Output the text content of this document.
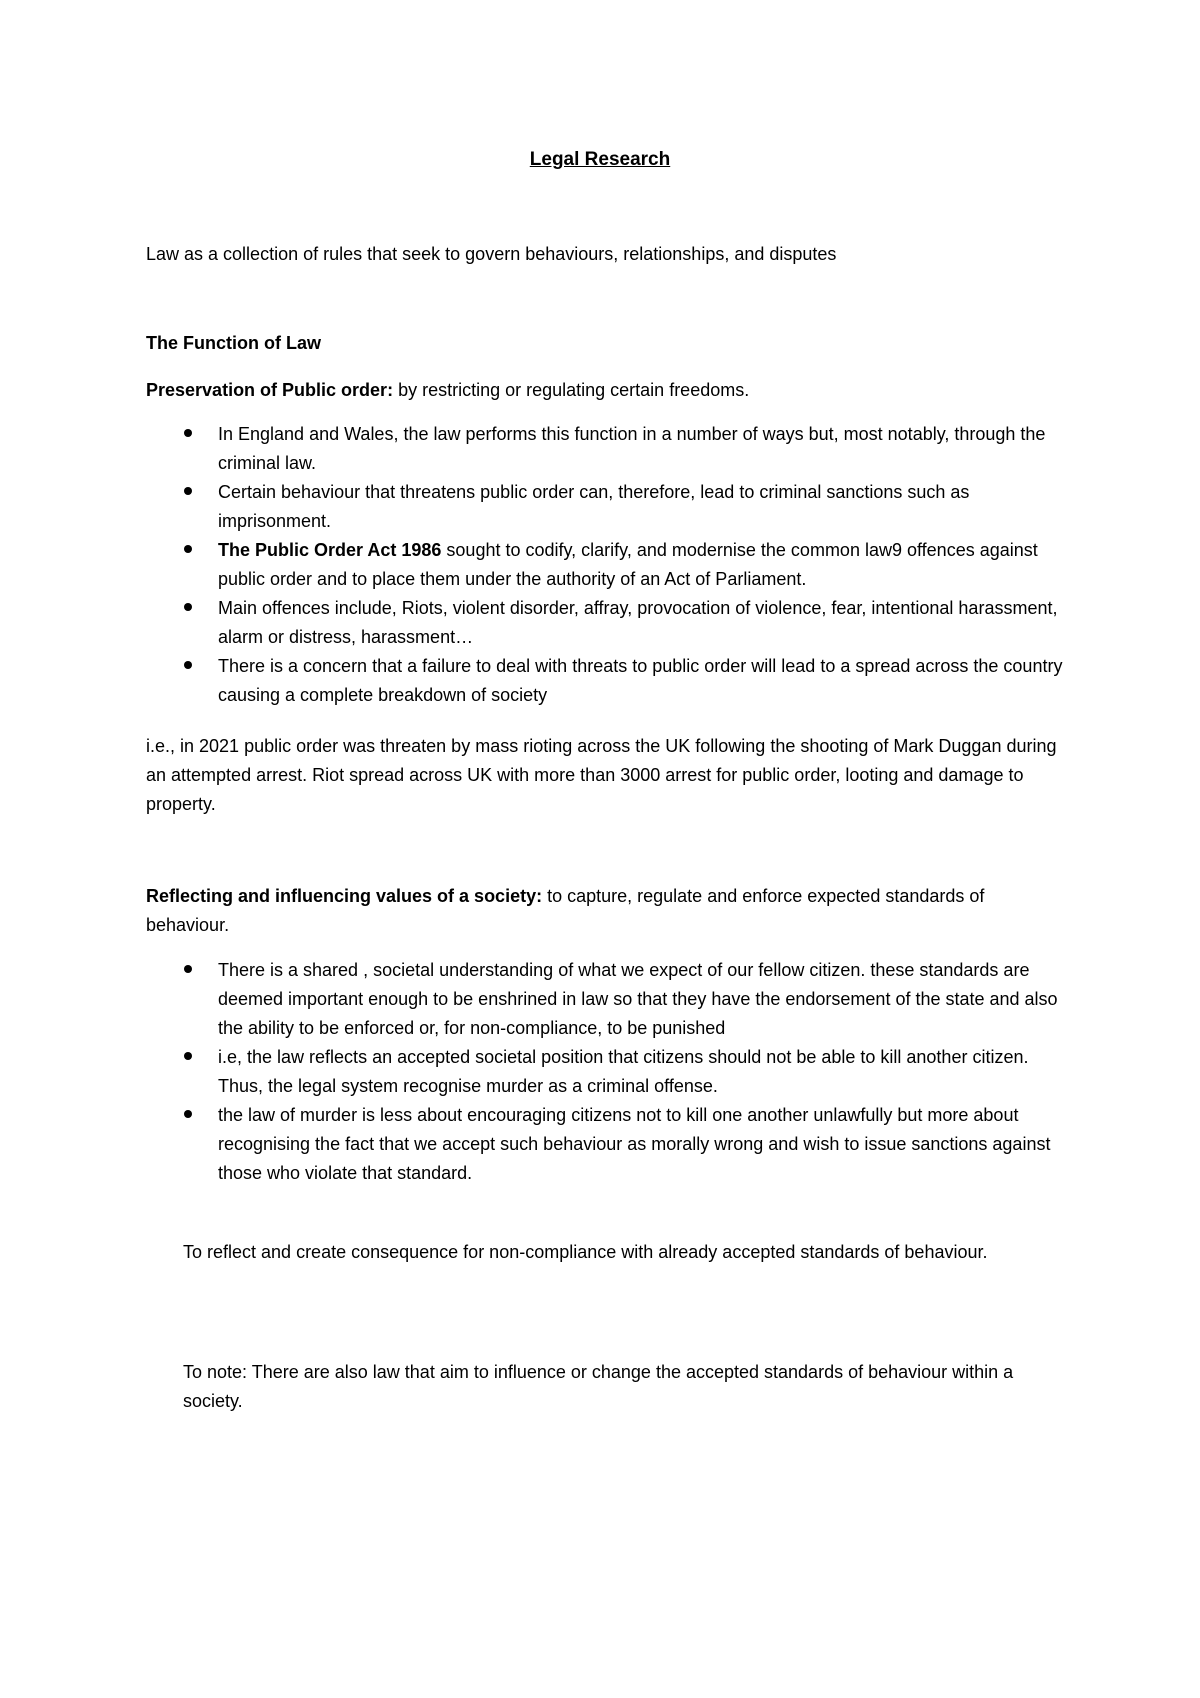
Legal Research

Law as a collection of rules that seek to govern behaviours, relationships, and disputes

The Function of Law

Preservation of Public order: by restricting or regulating certain freedoms.

In England and Wales, the law performs this function in a number of ways but, most notably, through the criminal law.
Certain behaviour that threatens public order can, therefore, lead to criminal sanctions such as imprisonment.
The Public Order Act 1986 sought to codify, clarify, and modernise the common law9 offences against public order and to place them under the authority of an Act of Parliament.
Main offences include, Riots, violent disorder, affray, provocation of violence, fear, intentional harassment, alarm or distress, harassment…
There is a concern that a failure to deal with threats to public order will lead to a spread across the country causing a complete breakdown of society

i.e., in 2021 public order was threaten by mass rioting across the UK following the shooting of Mark Duggan during an attempted arrest. Riot spread across UK with more than 3000 arrest for public order, looting and damage to property.

Reflecting and influencing values of a society: to capture, regulate and enforce expected standards of behaviour.

There is a shared , societal understanding of what we expect of our fellow citizen. these standards are deemed important enough to be enshrined in law so that they have the endorsement of the state and also the ability to be enforced or, for non-compliance, to be punished
i.e, the law reflects an accepted societal position that citizens should not be able to kill another citizen. Thus, the legal system recognise murder as a criminal offense.
the law of murder is less about encouraging citizens not to kill one another unlawfully but more about recognising the fact that we accept such behaviour as morally wrong and wish to issue sanctions against those who violate that standard.

To reflect and create consequence for non-compliance with already accepted standards of behaviour.

To note: There are also law that aim to influence or change the accepted standards of behaviour within a society.
